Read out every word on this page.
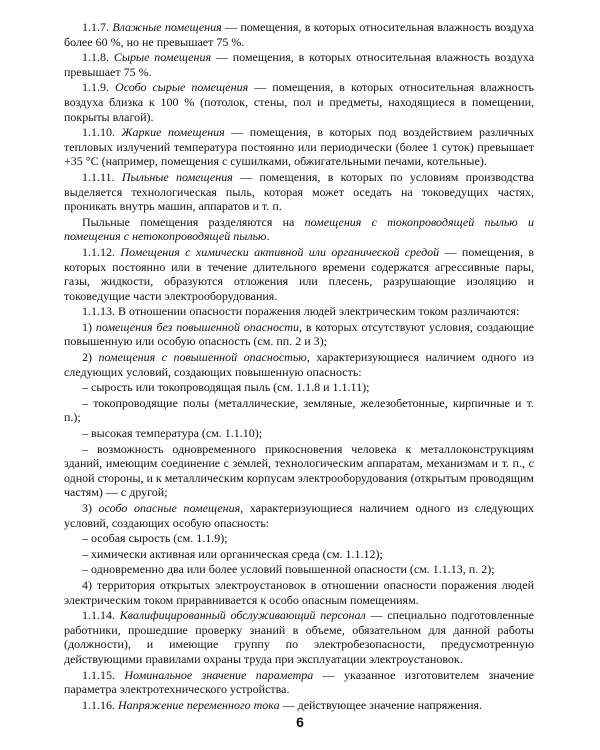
1.1.7. Влажные помещения — помещения, в которых относительная влажность воздуха более 60 %, но не превышает 75 %.

1.1.8. Сырые помещения — помещения, в которых относительная влажность воздуха превышает 75 %.

1.1.9. Особо сырые помещения — помещения, в которых относительная влажность воздуха близка к 100 % (потолок, стены, пол и предметы, находящиеся в помещении, покрыты влагой).

1.1.10. Жаркие помещения — помещения, в которых под воздействием различных тепловых излучений температура постоянно или периодически (более 1 суток) превышает +35 °С (например, помещения с сушилками, обжигательными печами, котельные).

1.1.11. Пыльные помещения — помещения, в которых по условиям производства выделяется технологическая пыль, которая может оседать на токоведущих частях, проникать внутрь машин, аппаратов и т. п.

Пыльные помещения разделяются на помещения с токопроводящей пылью и помещения с нетокопроводящей пылью.

1.1.12. Помещения с химически активной или органической средой — помещения, в которых постоянно или в течение длительного времени содержатся агрессивные пары, газы, жидкости, образуются отложения или плесень, разрушающие изоляцию и токоведущие части электрооборудования.

1.1.13. В отношении опасности поражения людей электрическим током различаются:

1) помещения без повышенной опасности, в которых отсутствуют условия, создающие повышенную или особую опасность (см. пп. 2 и 3);

2) помещения с повышенной опасностью, характеризующиеся наличием одного из следующих условий, создающих повышенную опасность:

– сырость или токопроводящая пыль (см. 1.1.8 и 1.1.11);

– токопроводящие полы (металлические, земляные, железобетонные, кирпичные и т. п.);

– высокая температура (см. 1.1.10);

– возможность одновременного прикосновения человека к металлоконструкциям зданий, имеющим соединение с землей, технологическим аппаратам, механизмам и т. п., с одной стороны, и к металлическим корпусам электрооборудования (открытым проводящим частям) — с другой;

3) особо опасные помещения, характеризующиеся наличием одного из следующих условий, создающих особую опасность:

– особая сырость (см. 1.1.9);

– химически активная или органическая среда (см. 1.1.12);

– одновременно два или более условий повышенной опасности (см. 1.1.13, п. 2);

4) территория открытых электроустановок в отношении опасности поражения людей электрическим током приравнивается к особо опасным помещениям.

1.1.14. Квалифицированный обслуживающий персонал — специально подготовленные работники, прошедшие проверку знаний в объеме, обязательном для данной работы (должности), и имеющие группу по электробезопасности, предусмотренную действующими правилами охраны труда при эксплуатации электроустановок.

1.1.15. Номинальное значение параметра — указанное изготовителем значение параметра электротехнического устройства.

1.1.16. Напряжение переменного тока — действующее значение напряжения.

6
